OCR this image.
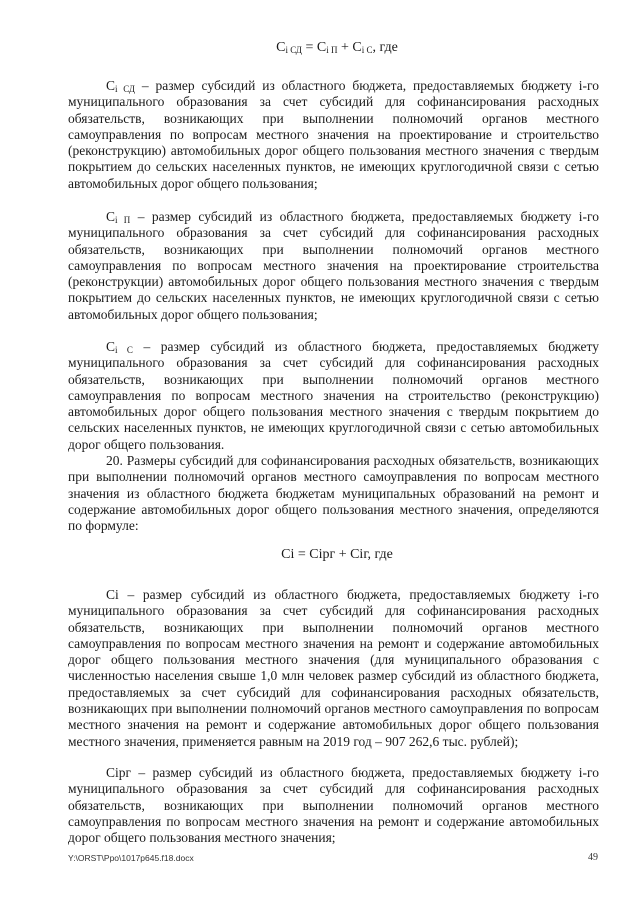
$C_{i СД} = C_{i П} + C_{i С}$, где

$C_{i СД}$ – размер субсидий из областного бюджета, предоставляемых бюджету i-го муниципального образования за счет субсидий для софинансирования расходных обязательств, возникающих при выполнении полномочий органов местного самоуправления по вопросам местного значения на проектирование и строительство (реконструкцию) автомобильных дорог общего пользования местного значения с твердым покрытием до сельских населенных пунктов, не имеющих круглогодичной связи с сетью автомобильных дорог общего пользования;

$C_{i П}$ – размер субсидий из областного бюджета, предоставляемых бюджету i-го муниципального образования за счет субсидий для софинансирования расходных обязательств, возникающих при выполнении полномочий органов местного самоуправления по вопросам местного значения на проектирование строительства (реконструкции) автомобильных дорог общего пользования местного значения с твердым покрытием до сельских населенных пунктов, не имеющих круглогодичной связи с сетью автомобильных дорог общего пользования;

$C_{i С}$ – размер субсидий из областного бюджета, предоставляемых бюджету муниципального образования за счет субсидий для софинансирования расходных обязательств, возникающих при выполнении полномочий органов местного самоуправления по вопросам местного значения на строительство (реконструкцию) автомобильных дорог общего пользования местного значения с твердым покрытием до сельских населенных пунктов, не имеющих круглогодичной связи с сетью автомобильных дорог общего пользования.

20. Размеры субсидий для софинансирования расходных обязательств, возникающих при выполнении полномочий органов местного самоуправления по вопросам местного значения из областного бюджета бюджетам муниципальных образований на ремонт и содержание автомобильных дорог общего пользования местного значения, определяются по формуле:

Ci = Ciрг + Ciг, где

Ci – размер субсидий из областного бюджета, предоставляемых бюджету i-го муниципального образования за счет субсидий для софинансирования расходных обязательств, возникающих при выполнении полномочий органов местного самоуправления по вопросам местного значения на ремонт и содержание автомобильных дорог общего пользования местного значения (для муниципального образования с численностью населения свыше 1,0 млн человек размер субсидий из областного бюджета, предоставляемых за счет субсидий для софинансирования расходных обязательств, возникающих при выполнении полномочий органов местного самоуправления по вопросам местного значения на ремонт и содержание автомобильных дорог общего пользования местного значения, применяется равным на 2019 год – 907 262,6 тыс. рублей);

Ciрг – размер субсидий из областного бюджета, предоставляемых бюджету i-го муниципального образования за счет субсидий для софинансирования расходных обязательств, возникающих при выполнении полномочий органов местного самоуправления по вопросам местного значения на ремонт и содержание автомобильных дорог общего пользования местного значения;

Y:\ORST\Ppo\1017p645.f18.docx	49
